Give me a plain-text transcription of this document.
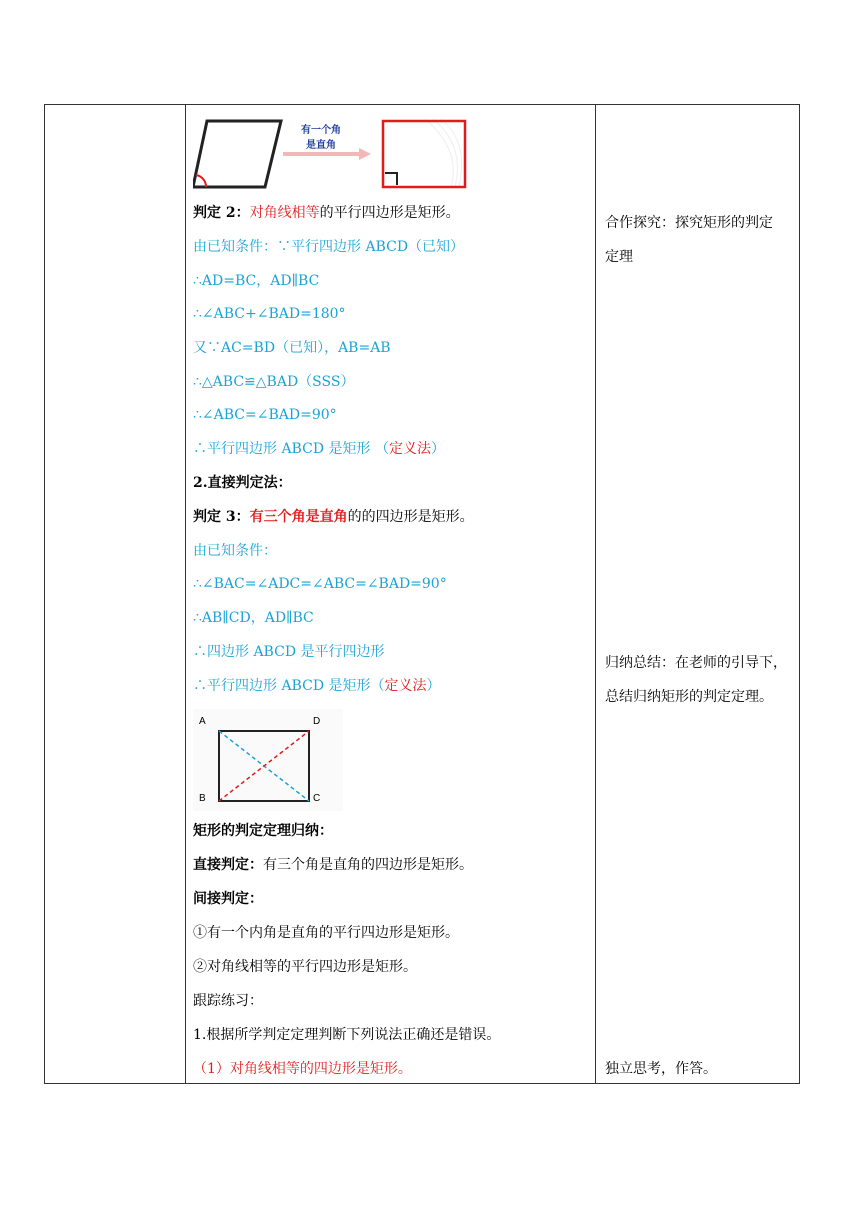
有一个角
是直角
判定 2：对角线相等的平行四边形是矩形。
由已知条件：∵平行四边形 ABCD（已知）
∴AD=BC，AD∥BC
∴∠ABC+∠BAD=180°
又∵AC=BD（已知），AB=AB
∴△ABC≌△BAD（SSS）
∴∠ABC=∠BAD=90°
∴平行四边形 ABCD 是矩形 （定义法）
2.直接判定法：
判定 3：有三个角是直角的的四边形是矩形。
由已知条件：
∴∠BAC=∠ADC=∠ABC=∠BAD=90°
∴AB∥CD，AD∥BC
∴四边形 ABCD 是平行四边形
∴平行四边形 ABCD 是矩形（定义法）
A	D
B	C
矩形的判定定理归纳：
直接判定：有三个角是直角的四边形是矩形。
间接判定：
①有一个内角是直角的平行四边形是矩形。
②对角线相等的平行四边形是矩形。
跟踪练习：
1.根据所学判定定理判断下列说法正确还是错误。
（1）对角线相等的四边形是矩形。
合作探究：探究矩形的判定
定理
归纳总结：在老师的引导下，
总结归纳矩形的判定定理。
独立思考，作答。
